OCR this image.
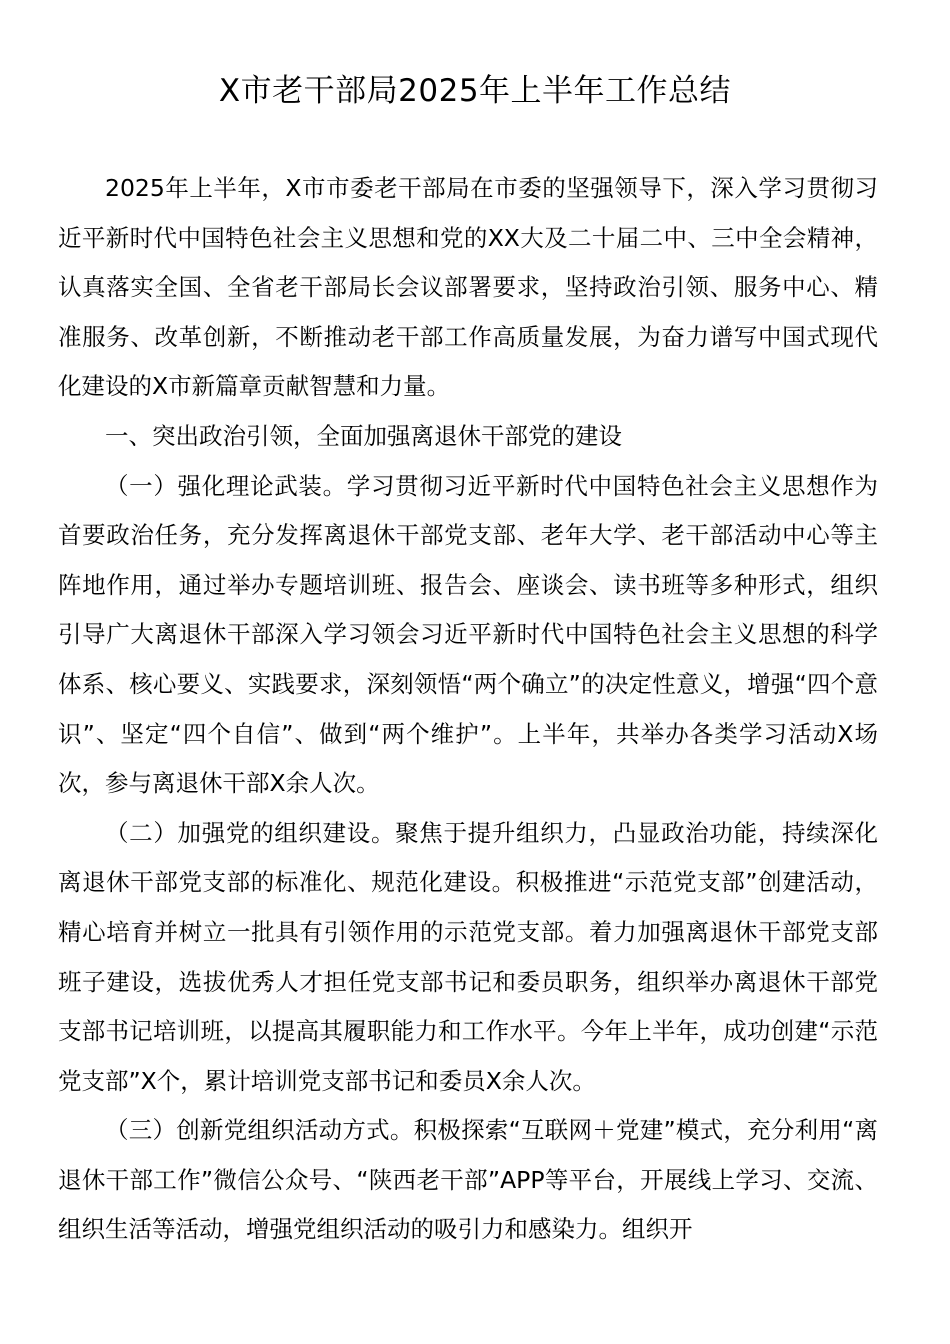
X市老干部局2025年上半年工作总结

2025年上半年，X市市委老干部局在市委的坚强领导下，深入学习贯彻习近平新时代中国特色社会主义思想和党的XX大及二十届二中、三中全会精神，认真落实全国、全省老干部局长会议部署要求，坚持政治引领、服务中心、精准服务、改革创新，不断推动老干部工作高质量发展，为奋力谱写中国式现代化建设的X市新篇章贡献智慧和力量。

一、突出政治引领，全面加强离退休干部党的建设

（一）强化理论武装。学习贯彻习近平新时代中国特色社会主义思想作为首要政治任务，充分发挥离退休干部党支部、老年大学、老干部活动中心等主阵地作用，通过举办专题培训班、报告会、座谈会、读书班等多种形式，组织引导广大离退休干部深入学习领会习近平新时代中国特色社会主义思想的科学体系、核心要义、实践要求，深刻领悟“两个确立”的决定性意义，增强“四个意识”、坚定“四个自信”、做到“两个维护”。上半年，共举办各类学习活动X场次，参与离退休干部X余人次。

（二）加强党的组织建设。聚焦于提升组织力，凸显政治功能，持续深化离退休干部党支部的标准化、规范化建设。积极推进“示范党支部”创建活动，精心培育并树立一批具有引领作用的示范党支部。着力加强离退休干部党支部班子建设，选拔优秀人才担任党支部书记和委员职务，组织举办离退休干部党支部书记培训班，以提高其履职能力和工作水平。今年上半年，成功创建“示范党支部”X个，累计培训党支部书记和委员X余人次。

（三）创新党组织活动方式。积极探索“互联网＋党建”模式，充分利用“离退休干部工作”微信公众号、“陕西老干部”APP等平台，开展线上学习、交流、组织生活等活动，增强党组织活动的吸引力和感染力。组织开
